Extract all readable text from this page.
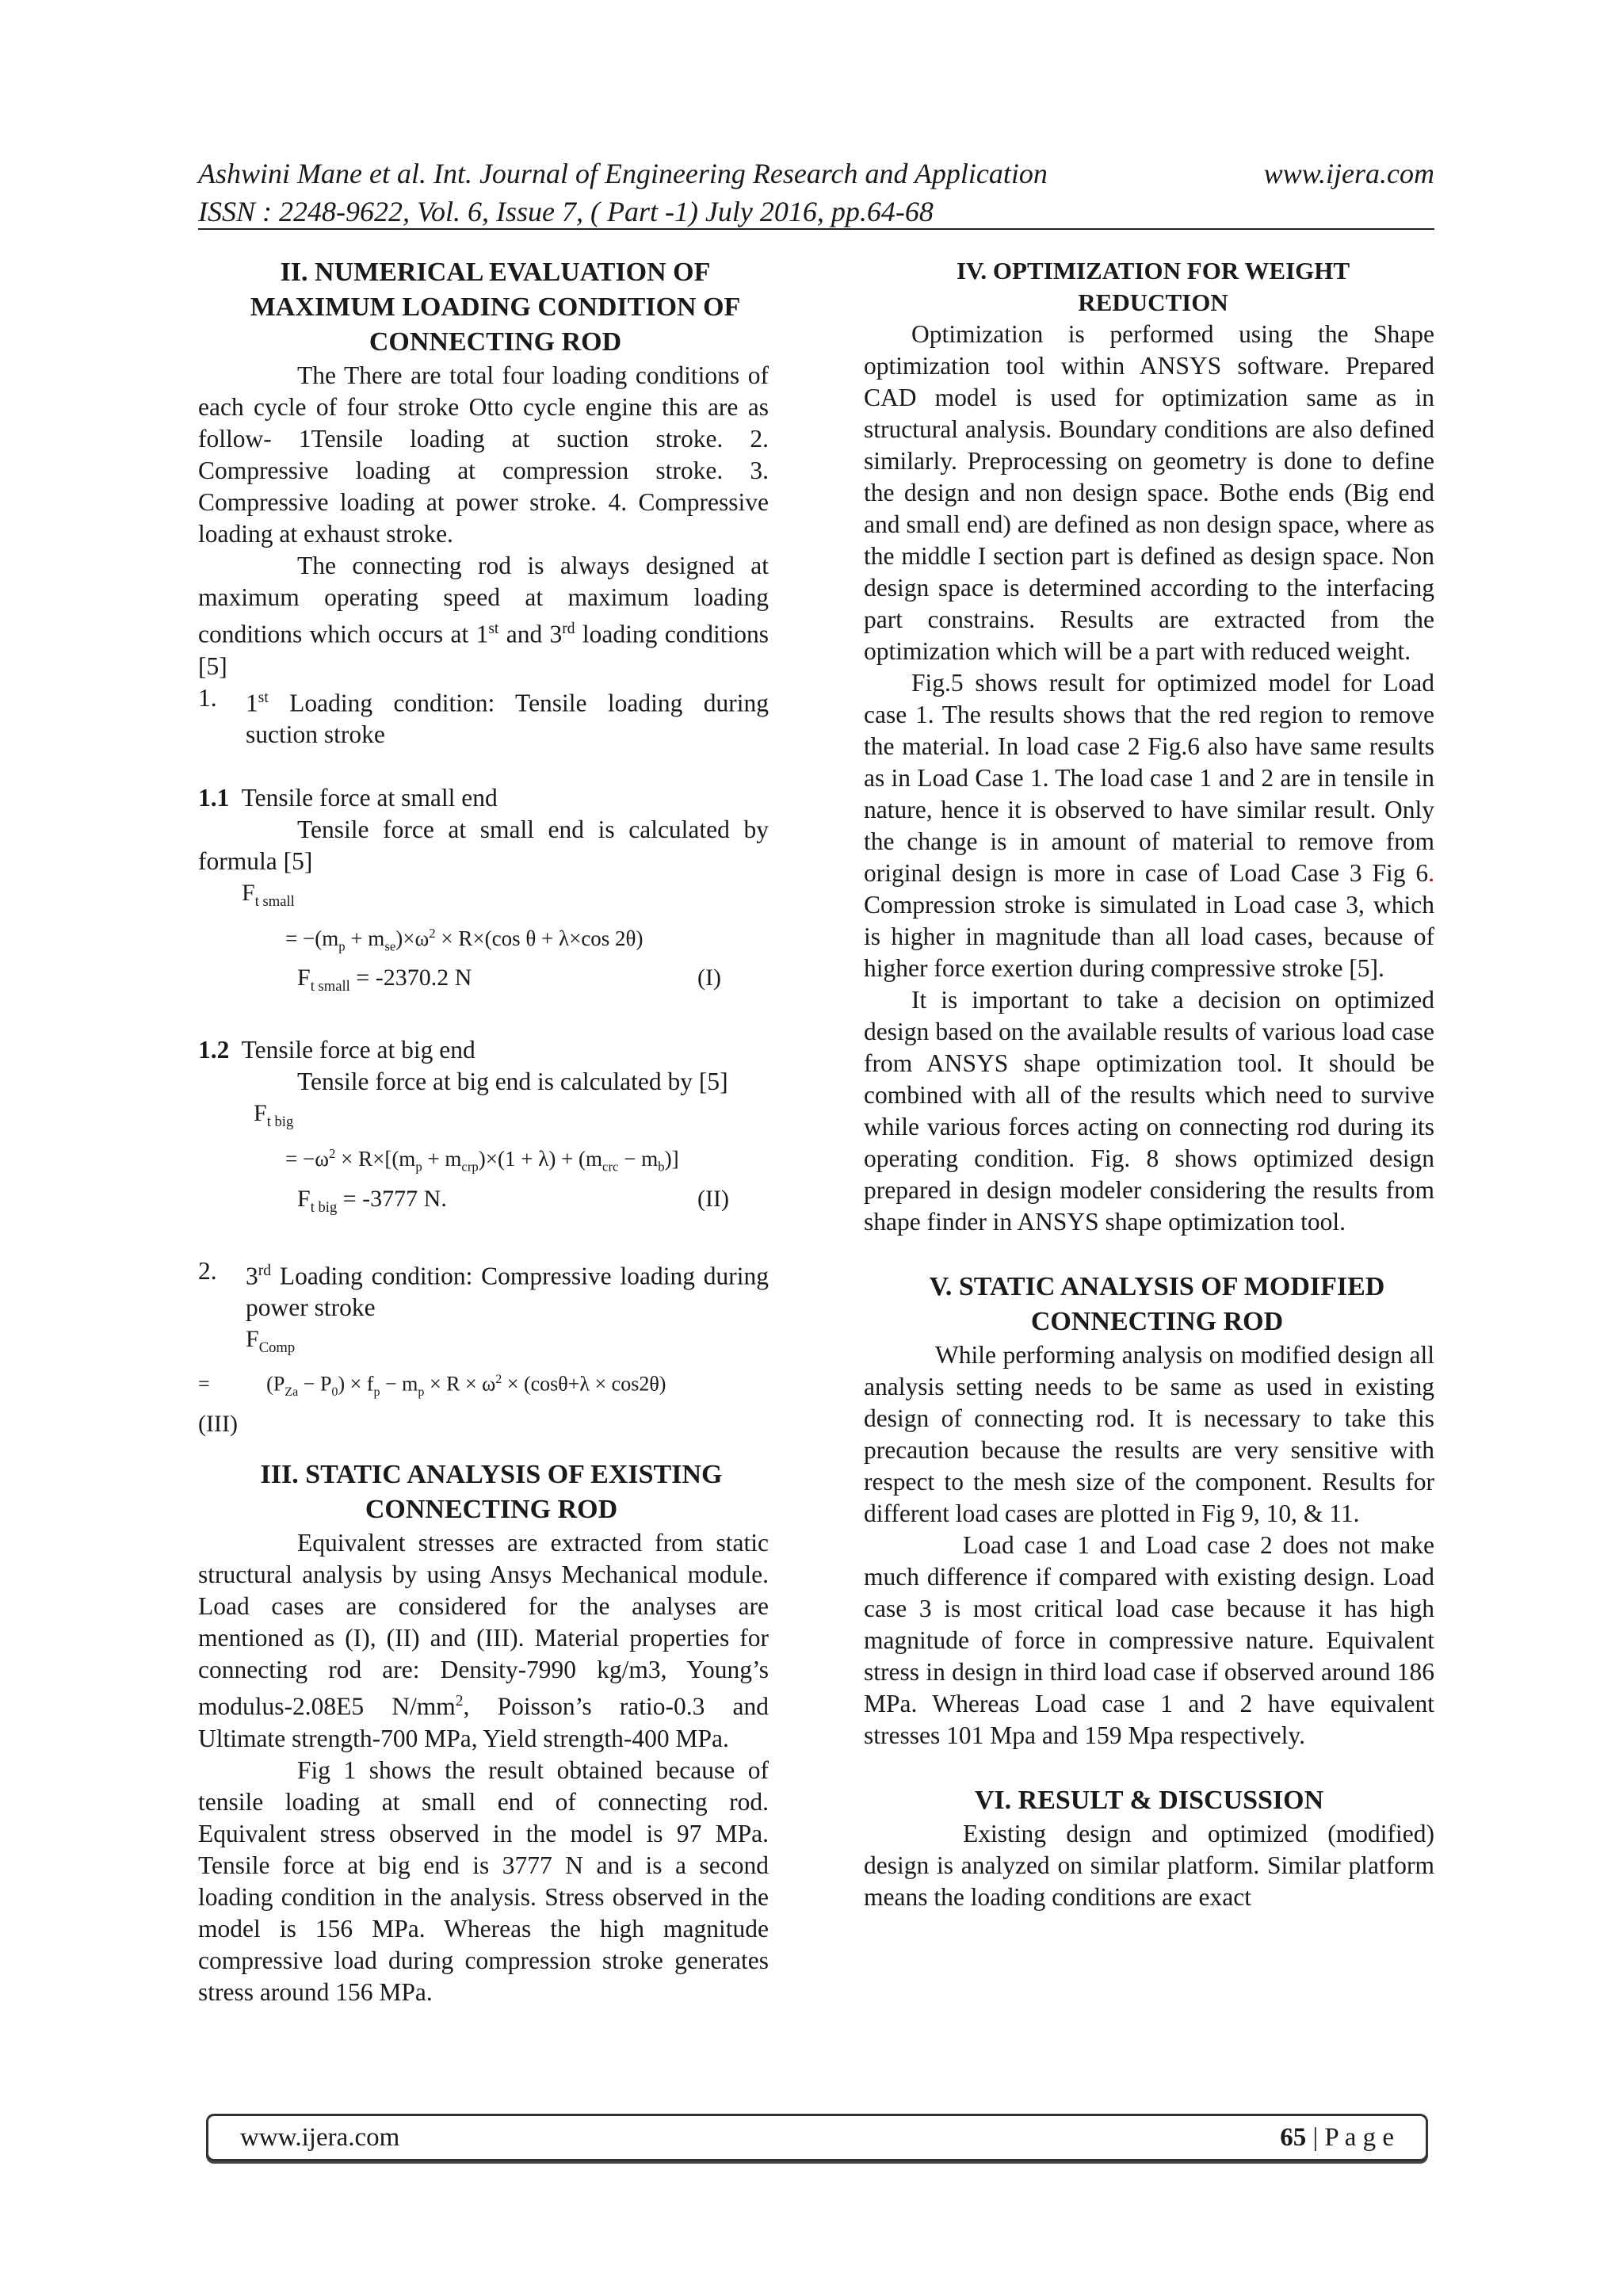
Ashwini Mane et al. Int. Journal of Engineering Research and Application	www.ijera.com
ISSN : 2248-9622, Vol. 6, Issue 7, ( Part -1) July 2016, pp.64-68
II. NUMERICAL EVALUATION OF MAXIMUM LOADING CONDITION OF CONNECTING ROD

The There are total four loading conditions of each cycle of four stroke Otto cycle engine this are as follow- 1Tensile loading at suction stroke. 2. Compressive loading at compression stroke. 3. Compressive loading at power stroke. 4. Compressive loading at exhaust stroke.

The connecting rod is always designed at maximum operating speed at maximum loading conditions which occurs at 1st and 3rd loading conditions [5]

1.	1st Loading condition: Tensile loading during suction stroke
1.1 Tensile force at small end

Tensile force at small end is calculated by formula [5]

$F_{t small}$
= $-(m_p + m_{se})\times\omega^2 \times R\times(\cos$ θ + λ×cos 2θ)
$F_{t small} = -2370.2$ N	(I)
1.2 Tensile force at big end

Tensile force at big end is calculated by [5]

$F_{t big}$
= $-\omega^2 \times R\times[(m_p + m_{crp})\times(1 + \lambda) + (m_{crc} - m_b)]$
$F_{t big} = -3777$ N.	(II)
2.	3rd Loading condition: Compressive loading during power stroke
$F_{Comp}$
=           $(P_{Za} - P_0) \times f_p - m_p \times R \times \omega^2 \times (\cos\theta+\lambda \times \cos 2\theta)$
(III)
III. STATIC ANALYSIS OF EXISTING CONNECTING ROD

Equivalent stresses are extracted from static structural analysis by using Ansys Mechanical module. Load cases are considered for the analyses are mentioned as (I), (II) and (III). Material properties for connecting rod are: Density-7990 kg/m3, Young’s modulus-2.08E5 $N/mm^2$, Poisson’s ratio-0.3 and Ultimate strength-700 MPa, Yield strength-400 MPa.

Fig 1 shows the result obtained because of tensile loading at small end of connecting rod. Equivalent stress observed in the model is 97 MPa. Tensile force at big end is 3777 N and is a second loading condition in the analysis. Stress observed in the model is 156 MPa. Whereas the high magnitude compressive load during compression stroke generates stress around 156 MPa.

IV. OPTIMIZATION FOR WEIGHT REDUCTION

Optimization is performed using the Shape optimization tool within ANSYS software. Prepared CAD model is used for optimization same as in structural analysis. Boundary conditions are also defined similarly. Preprocessing on geometry is done to define the design and non design space. Bothe ends (Big end and small end) are defined as non design space, where as the middle I section part is defined as design space. Non design space is determined according to the interfacing part constrains. Results are extracted from the optimization which will be a part with reduced weight.

Fig.5 shows result for optimized model for Load case 1. The results shows that the red region to remove the material. In load case 2 Fig.6 also have same results as in Load Case 1. The load case 1 and 2 are in tensile in nature, hence it is observed to have similar result. Only the change is in amount of material to remove from original design is more in case of Load Case 3 Fig 6. Compression stroke is simulated in Load case 3, which is higher in magnitude than all load cases, because of higher force exertion during compressive stroke [5].

It is important to take a decision on optimized design based on the available results of various load case from ANSYS shape optimization tool. It should be combined with all of the results which need to survive while various forces acting on connecting rod during its operating condition. Fig. 8 shows optimized design prepared in design modeler considering the results from shape finder in ANSYS shape optimization tool.

V. STATIC ANALYSIS OF MODIFIED CONNECTING ROD

While performing analysis on modified design all analysis setting needs to be same as used in existing design of connecting rod. It is necessary to take this precaution because the results are very sensitive with respect to the mesh size of the component. Results for different load cases are plotted in Fig 9, 10, & 11.

Load case 1 and Load case 2 does not make much difference if compared with existing design. Load case 3 is most critical load case because it has high magnitude of force in compressive nature. Equivalent stress in design in third load case if observed around 186 MPa. Whereas Load case 1 and 2 have equivalent stresses 101 Mpa and 159 Mpa respectively.

VI. RESULT & DISCUSSION

Existing design and optimized (modified) design is analyzed on similar platform. Similar platform means the loading conditions are exact

www.ijera.com	65 | P a g e
